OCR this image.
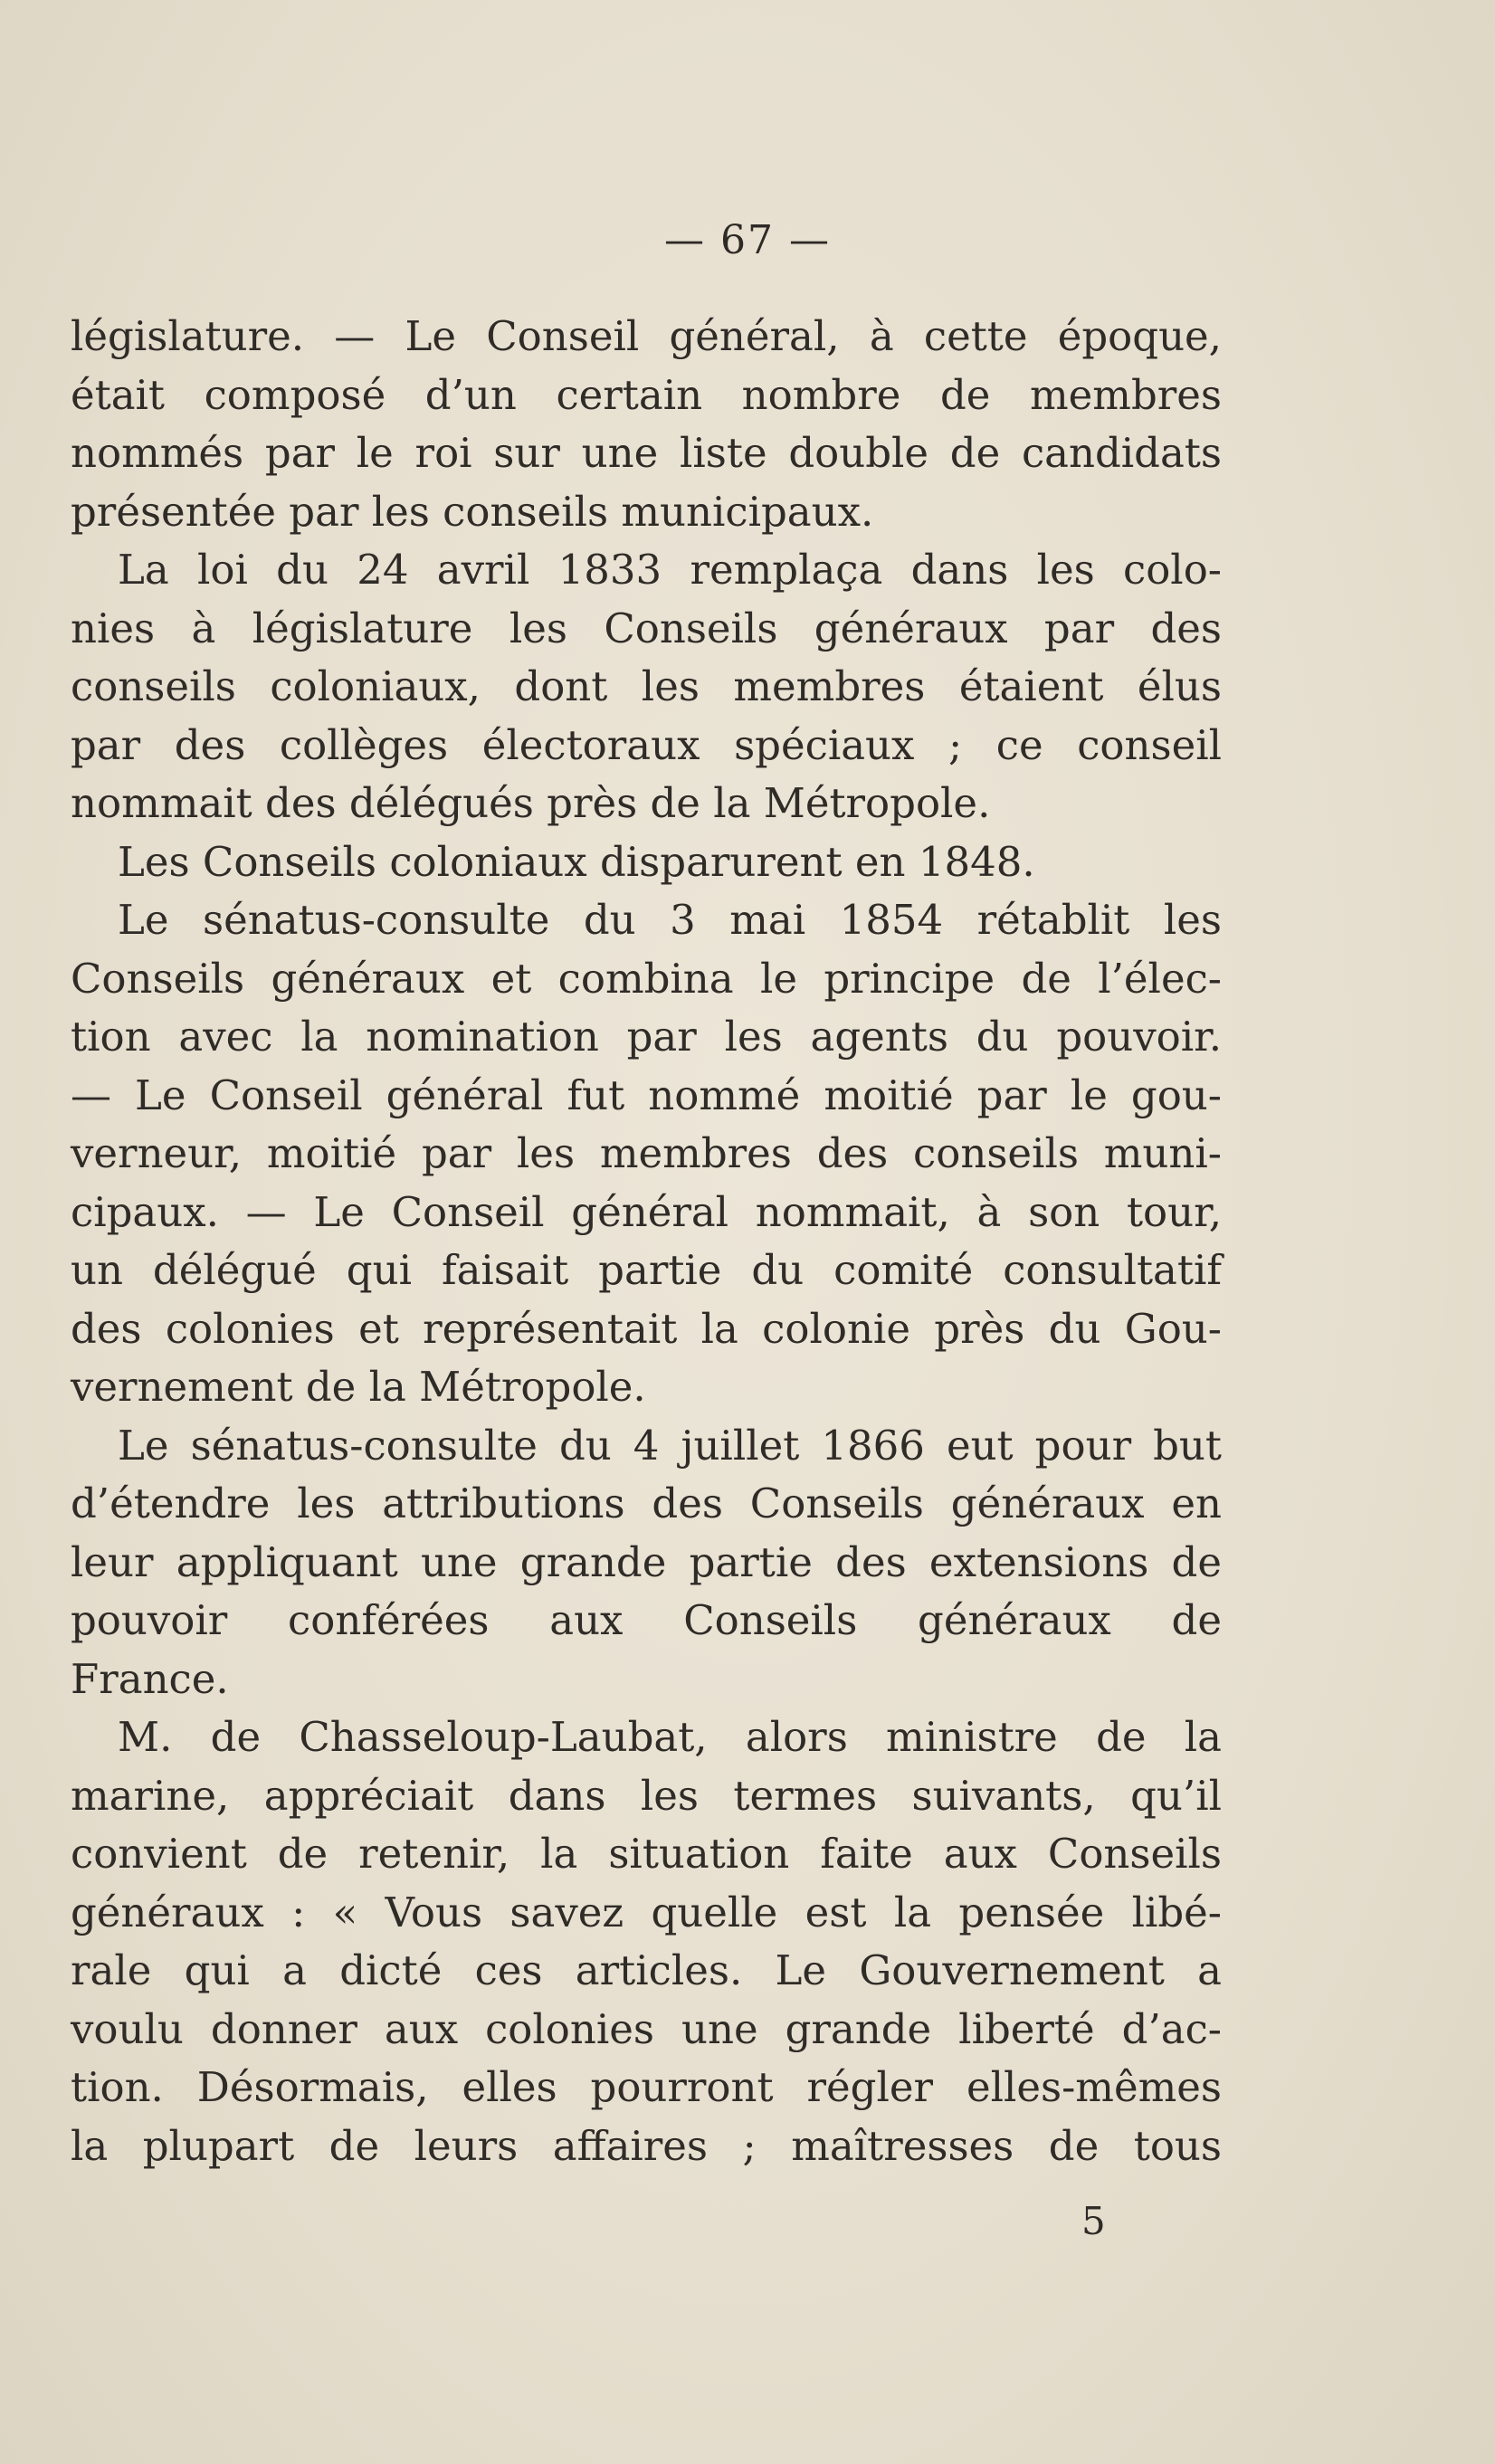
— 67 —
législature. — Le Conseil général, à cette époque,
était composé d’un certain nombre de membres
nommés par le roi sur une liste double de candidats
présentée par les conseils municipaux.
La loi du 24 avril 1833 remplaça dans les colo-
nies à législature les Conseils généraux par des
conseils coloniaux, dont les membres étaient élus
par des collèges électoraux spéciaux ; ce conseil
nommait des délégués près de la Métropole.
Les Conseils coloniaux disparurent en 1848.
Le sénatus-consulte du 3 mai 1854 rétablit les
Conseils généraux et combina le principe de l’élec-
tion avec la nomination par les agents du pouvoir.
— Le Conseil général fut nommé moitié par le gou-
verneur, moitié par les membres des conseils muni-
cipaux. — Le Conseil général nommait, à son tour,
un délégué qui faisait partie du comité consultatif
des colonies et représentait la colonie près du Gou-
vernement de la Métropole.
Le sénatus-consulte du 4 juillet 1866 eut pour but
d’étendre les attributions des Conseils généraux en
leur appliquant une grande partie des extensions de
pouvoir conférées aux Conseils généraux de
France.
M. de Chasseloup-Laubat, alors ministre de la
marine, appréciait dans les termes suivants, qu’il
convient de retenir, la situation faite aux Conseils
généraux : « Vous savez quelle est la pensée libé-
rale qui a dicté ces articles. Le Gouvernement a
voulu donner aux colonies une grande liberté d’ac-
tion. Désormais, elles pourront régler elles-mêmes
la plupart de leurs affaires ; maîtresses de tous
5
